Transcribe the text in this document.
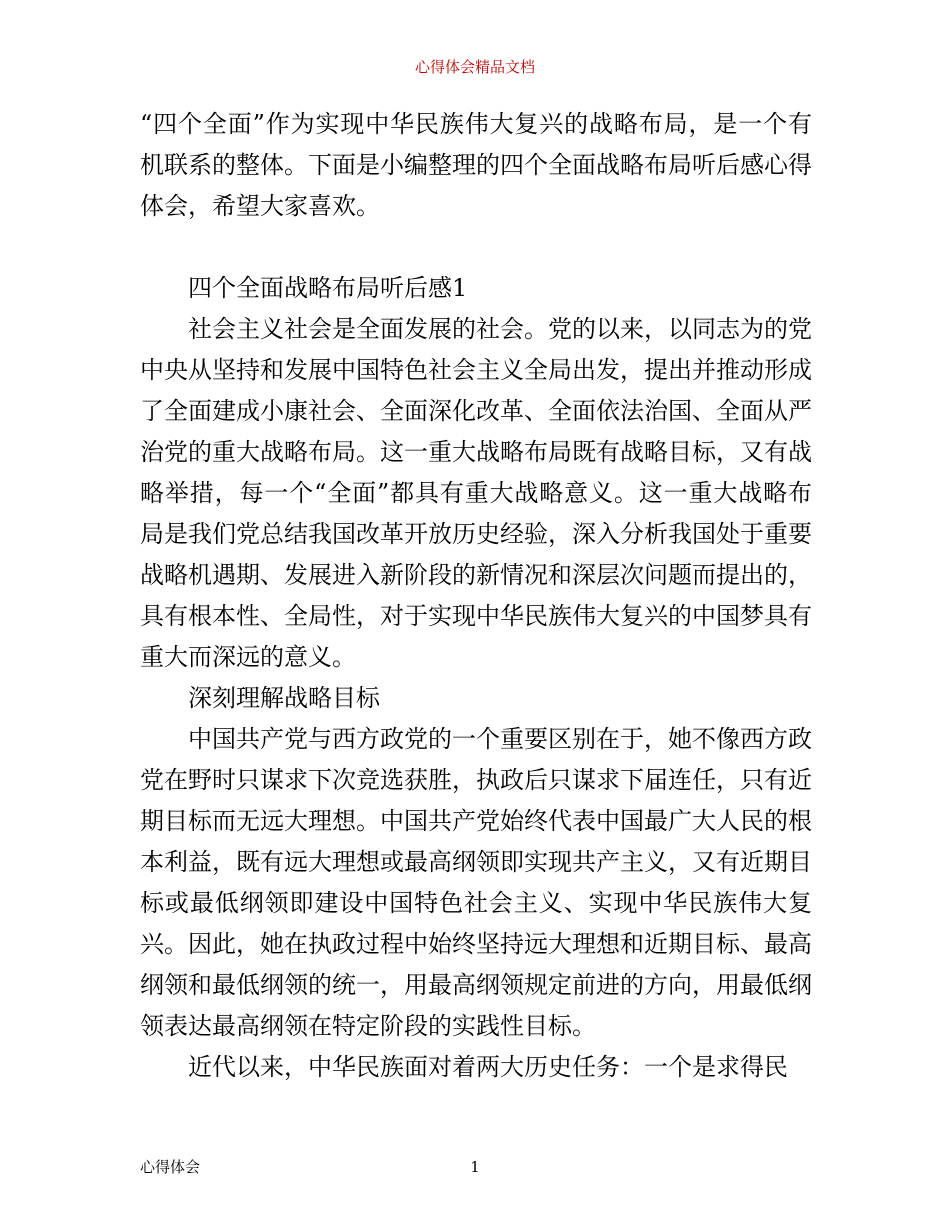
心得体会精品文档

“四个全面”作为实现中华民族伟大复兴的战略布局，是一个有机联系的整体。下面是小编整理的四个全面战略布局听后感心得体会，希望大家喜欢。

四个全面战略布局听后感1

社会主义社会是全面发展的社会。党的以来，以同志为的党中央从坚持和发展中国特色社会主义全局出发，提出并推动形成了全面建成小康社会、全面深化改革、全面依法治国、全面从严治党的重大战略布局。这一重大战略布局既有战略目标，又有战略举措，每一个“全面”都具有重大战略意义。这一重大战略布局是我们党总结我国改革开放历史经验，深入分析我国处于重要战略机遇期、发展进入新阶段的新情况和深层次问题而提出的，具有根本性、全局性，对于实现中华民族伟大复兴的中国梦具有重大而深远的意义。

深刻理解战略目标

中国共产党与西方政党的一个重要区别在于，她不像西方政党在野时只谋求下次竞选获胜，执政后只谋求下届连任，只有近期目标而无远大理想。中国共产党始终代表中国最广大人民的根本利益，既有远大理想或最高纲领即实现共产主义，又有近期目标或最低纲领即建设中国特色社会主义、实现中华民族伟大复兴。因此，她在执政过程中始终坚持远大理想和近期目标、最高纲领和最低纲领的统一，用最高纲领规定前进的方向，用最低纲领表达最高纲领在特定阶段的实践性目标。

近代以来，中华民族面对着两大历史任务：一个是求得民

心得体会	1
